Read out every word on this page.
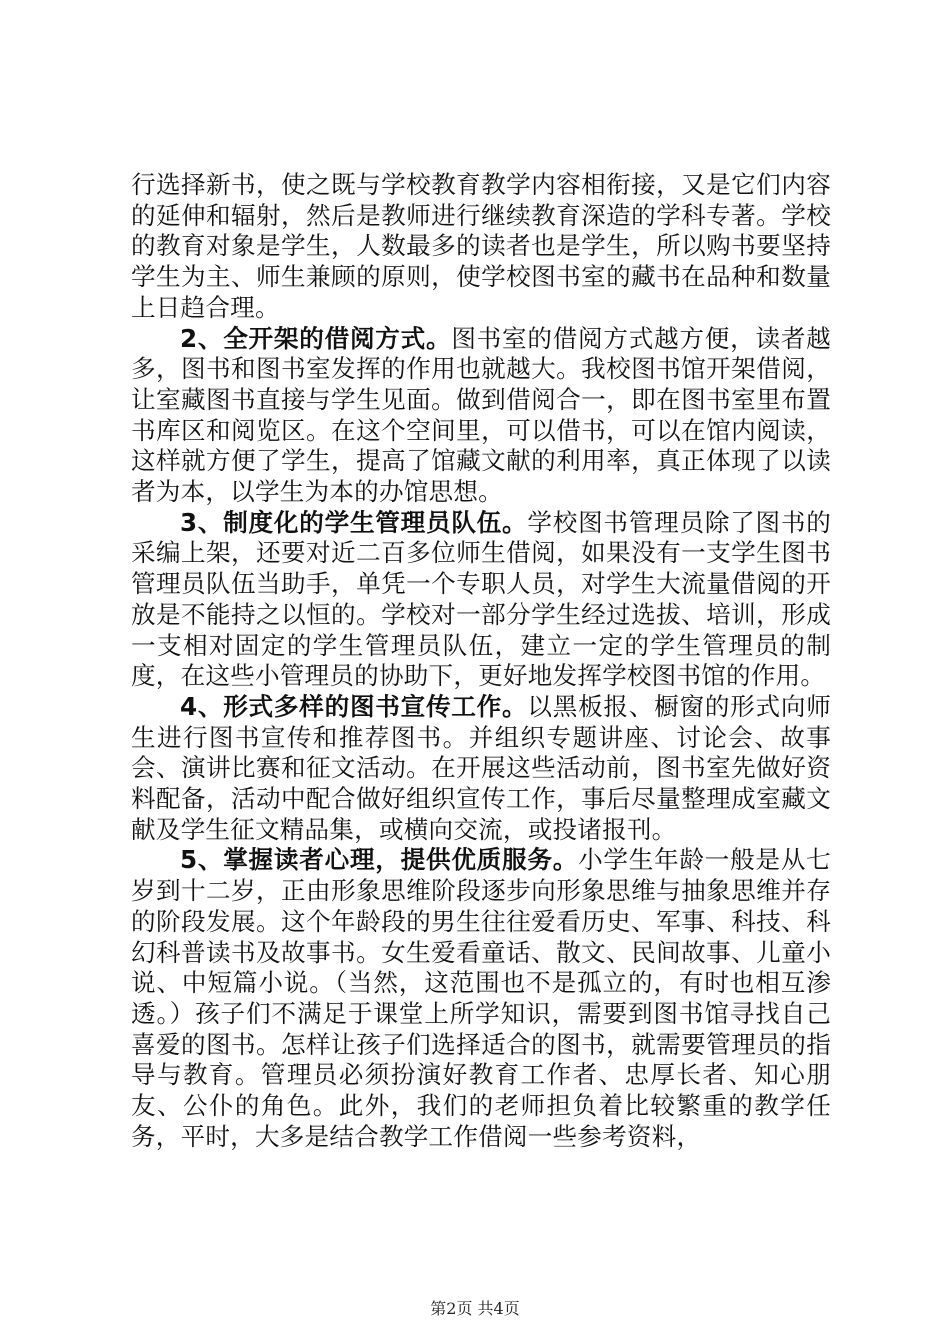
行选择新书，使之既与学校教育教学内容相衔接，又是它们内容的延伸和辐射，然后是教师进行继续教育深造的学科专著。学校的教育对象是学生，人数最多的读者也是学生，所以购书要坚持学生为主、师生兼顾的原则，使学校图书室的藏书在品种和数量上日趋合理。

2、全开架的借阅方式。图书室的借阅方式越方便，读者越多，图书和图书室发挥的作用也就越大。我校图书馆开架借阅，让室藏图书直接与学生见面。做到借阅合一，即在图书室里布置书库区和阅览区。在这个空间里，可以借书，可以在馆内阅读，这样就方便了学生，提高了馆藏文献的利用率，真正体现了以读者为本，以学生为本的办馆思想。

3、制度化的学生管理员队伍。学校图书管理员除了图书的采编上架，还要对近二百多位师生借阅，如果没有一支学生图书管理员队伍当助手，单凭一个专职人员，对学生大流量借阅的开放是不能持之以恒的。学校对一部分学生经过选拔、培训，形成一支相对固定的学生管理员队伍，建立一定的学生管理员的制度，在这些小管理员的协助下，更好地发挥学校图书馆的作用。

4、形式多样的图书宣传工作。以黑板报、橱窗的形式向师生进行图书宣传和推荐图书。并组织专题讲座、讨论会、故事会、演讲比赛和征文活动。在开展这些活动前，图书室先做好资料配备，活动中配合做好组织宣传工作，事后尽量整理成室藏文献及学生征文精品集，或横向交流，或投诸报刊。

5、掌握读者心理，提供优质服务。小学生年龄一般是从七岁到十二岁，正由形象思维阶段逐步向形象思维与抽象思维并存的阶段发展。这个年龄段的男生往往爱看历史、军事、科技、科幻科普读书及故事书。女生爱看童话、散文、民间故事、儿童小说、中短篇小说。（当然，这范围也不是孤立的，有时也相互渗透。）孩子们不满足于课堂上所学知识，需要到图书馆寻找自己喜爱的图书。怎样让孩子们选择适合的图书，就需要管理员的指导与教育。管理员必须扮演好教育工作者、忠厚长者、知心朋友、公仆的角色。此外，我们的老师担负着比较繁重的教学任务，平时，大多是结合教学工作借阅一些参考资料，

第2页 共4页
